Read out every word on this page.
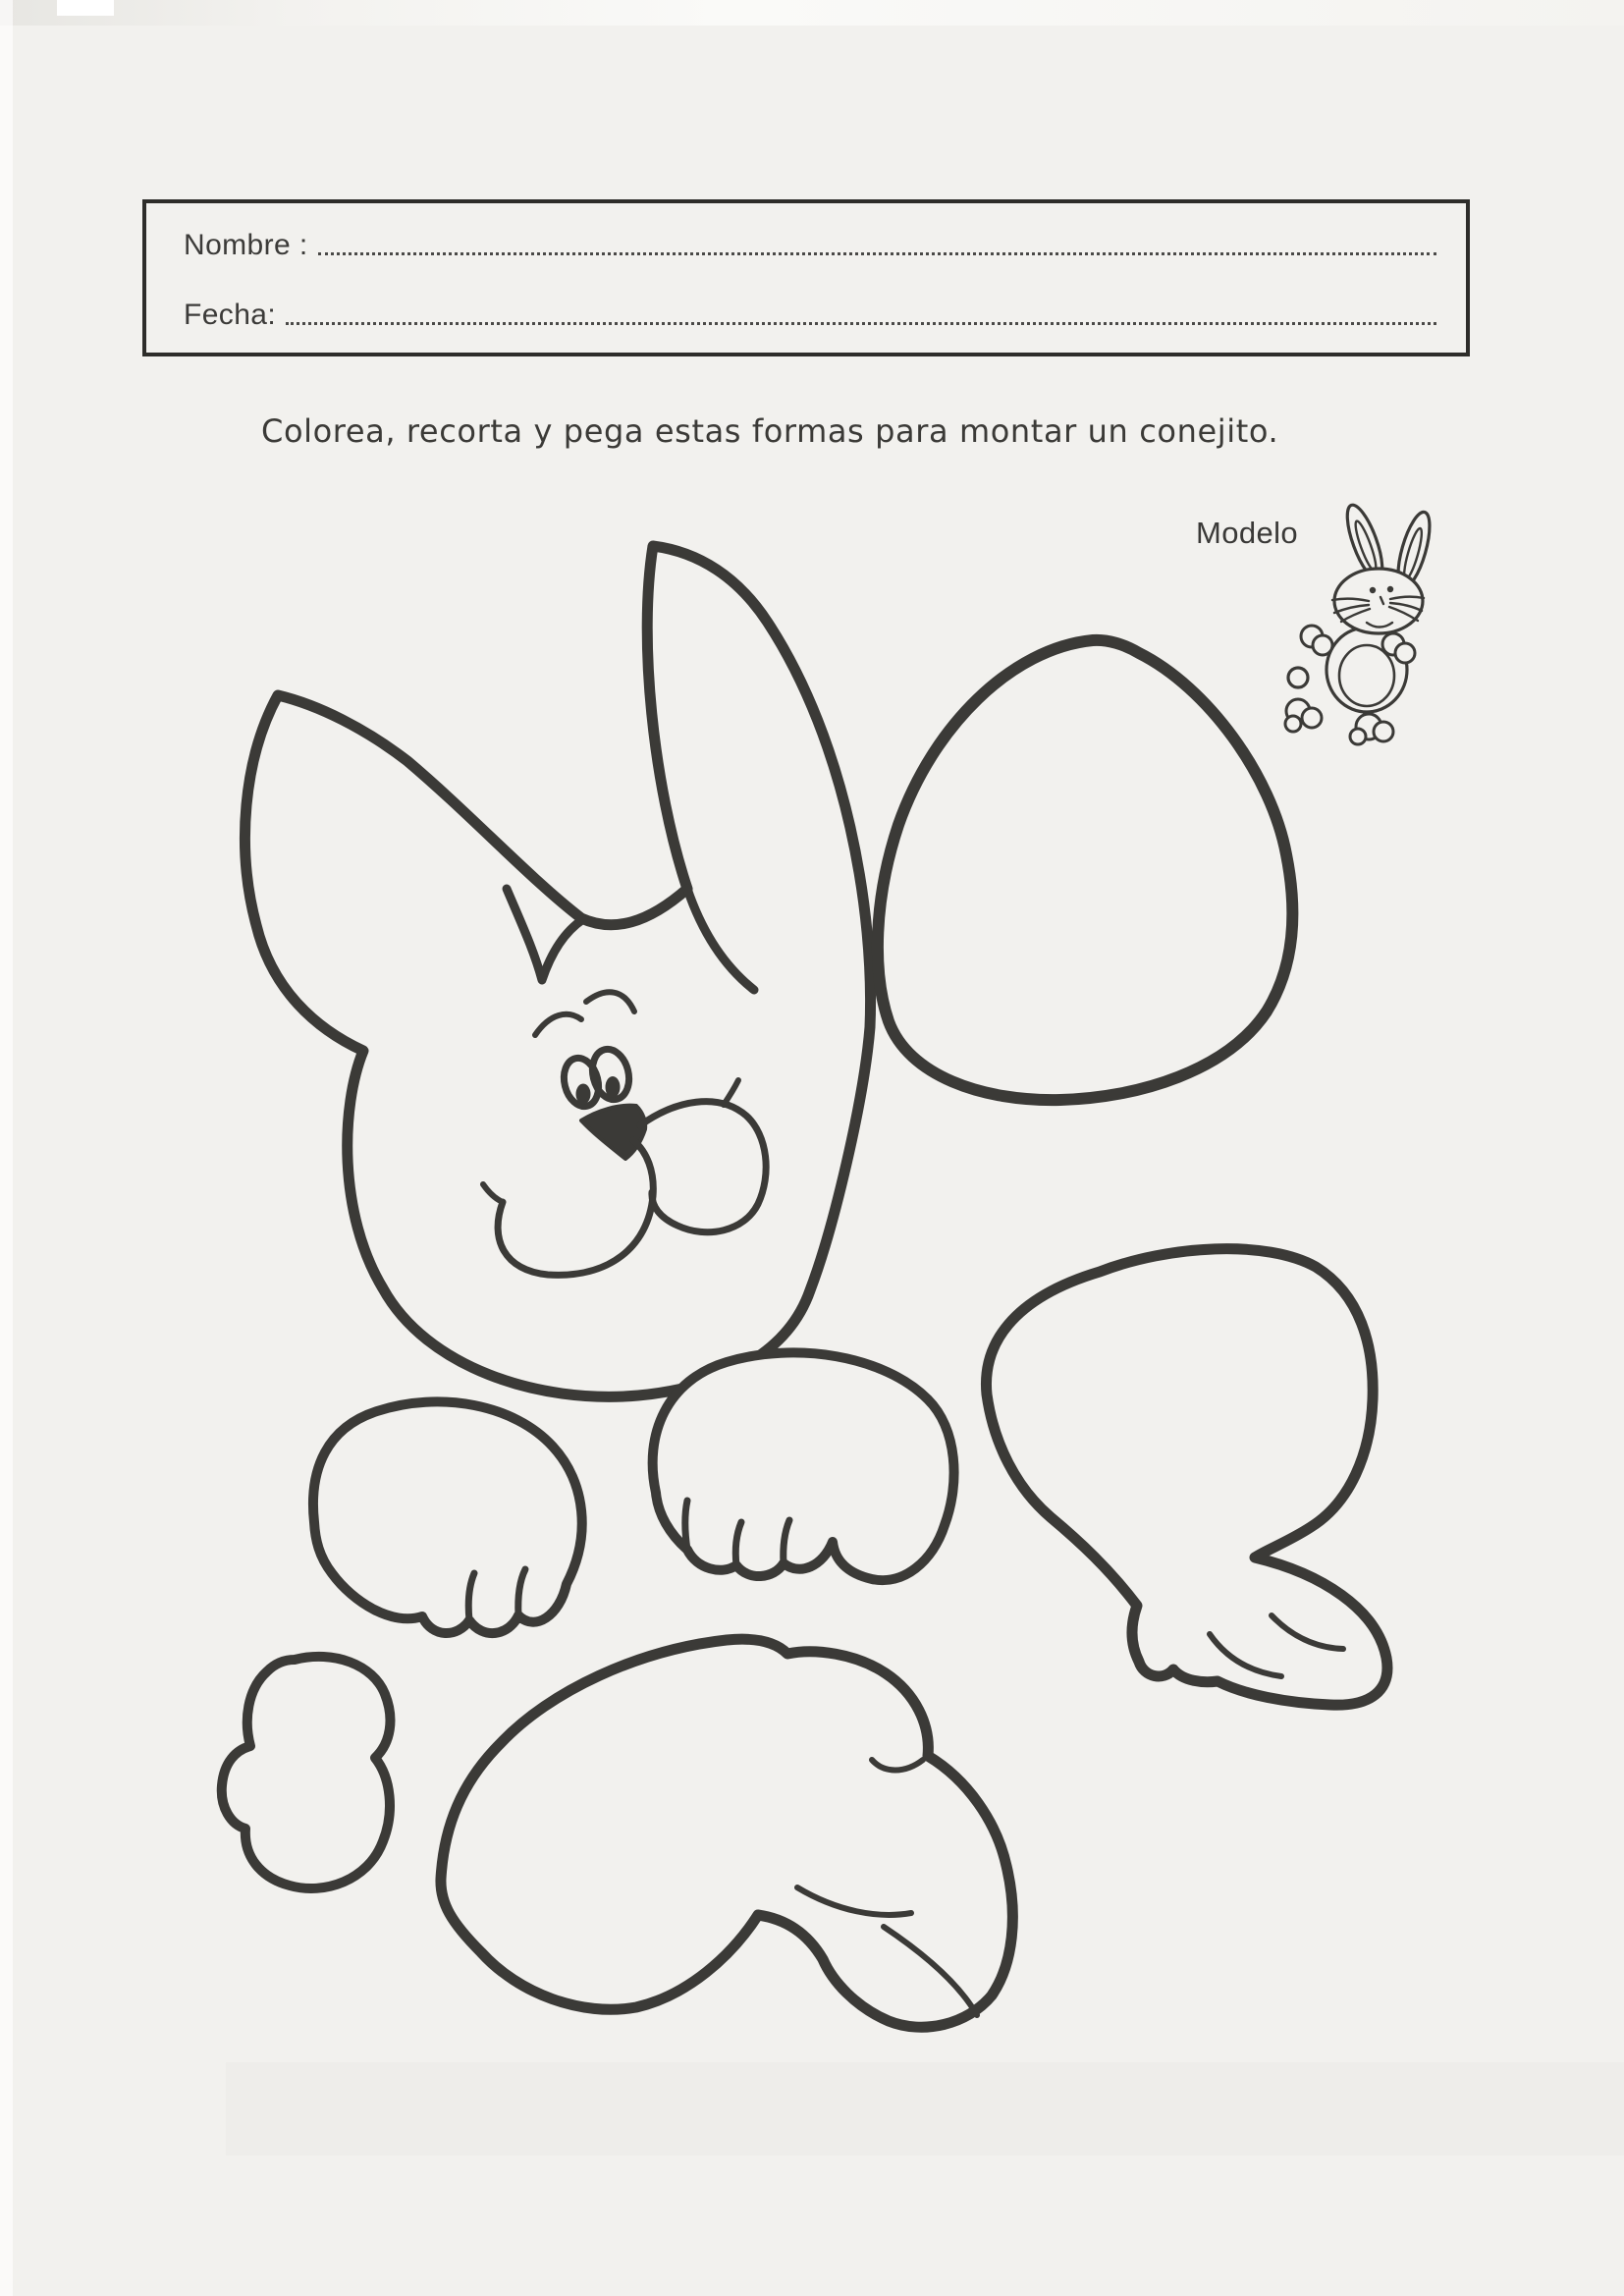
Nombre :
Fecha:
Colorea, recorta y pega estas formas para montar un conejito.
Modelo
